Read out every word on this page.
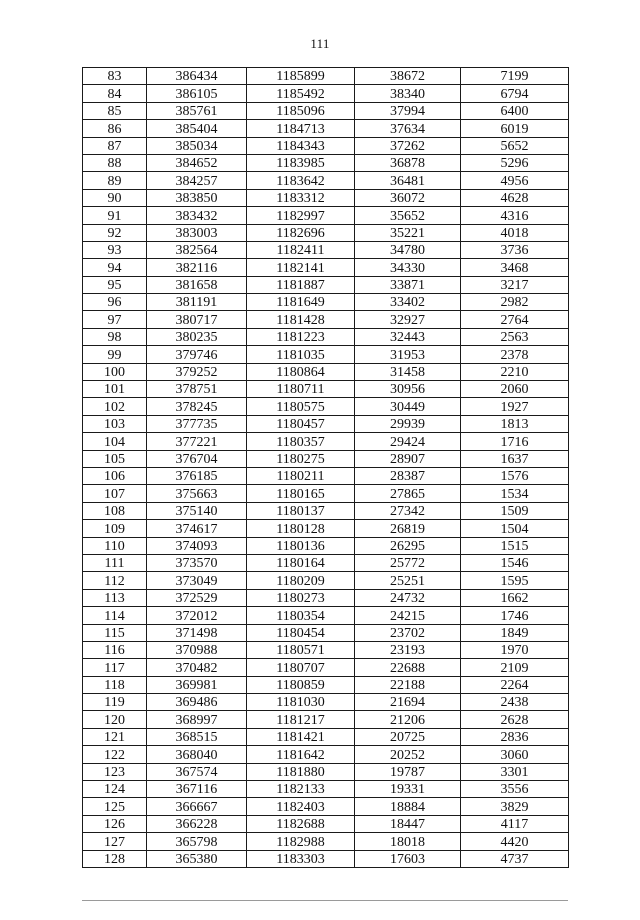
111
83	386434	1185899	38672	7199
84	386105	1185492	38340	6794
85	385761	1185096	37994	6400
86	385404	1184713	37634	6019
87	385034	1184343	37262	5652
88	384652	1183985	36878	5296
89	384257	1183642	36481	4956
90	383850	1183312	36072	4628
91	383432	1182997	35652	4316
92	383003	1182696	35221	4018
93	382564	1182411	34780	3736
94	382116	1182141	34330	3468
95	381658	1181887	33871	3217
96	381191	1181649	33402	2982
97	380717	1181428	32927	2764
98	380235	1181223	32443	2563
99	379746	1181035	31953	2378
100	379252	1180864	31458	2210
101	378751	1180711	30956	2060
102	378245	1180575	30449	1927
103	377735	1180457	29939	1813
104	377221	1180357	29424	1716
105	376704	1180275	28907	1637
106	376185	1180211	28387	1576
107	375663	1180165	27865	1534
108	375140	1180137	27342	1509
109	374617	1180128	26819	1504
110	374093	1180136	26295	1515
111	373570	1180164	25772	1546
112	373049	1180209	25251	1595
113	372529	1180273	24732	1662
114	372012	1180354	24215	1746
115	371498	1180454	23702	1849
116	370988	1180571	23193	1970
117	370482	1180707	22688	2109
118	369981	1180859	22188	2264
119	369486	1181030	21694	2438
120	368997	1181217	21206	2628
121	368515	1181421	20725	2836
122	368040	1181642	20252	3060
123	367574	1181880	19787	3301
124	367116	1182133	19331	3556
125	366667	1182403	18884	3829
126	366228	1182688	18447	4117
127	365798	1182988	18018	4420
128	365380	1183303	17603	4737
